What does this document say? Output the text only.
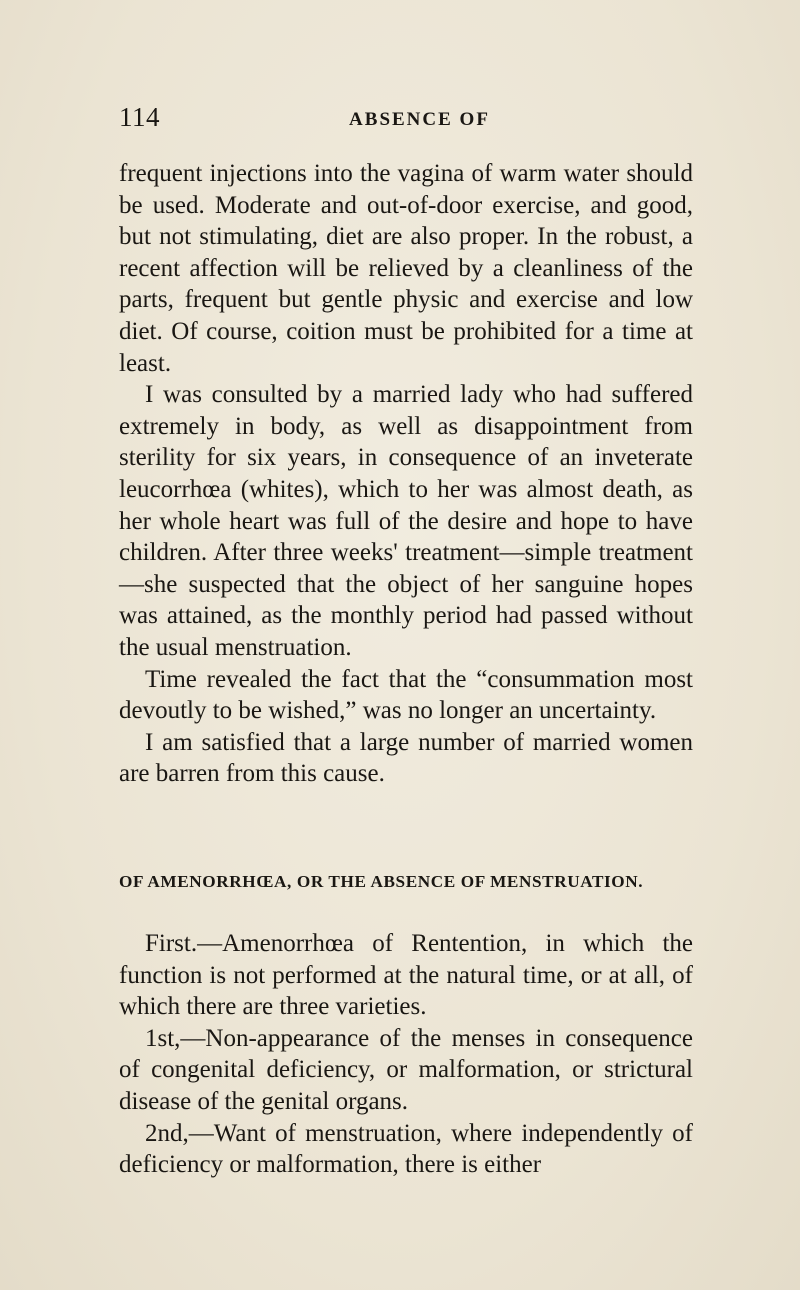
114	ABSENCE OF

frequent injections into the vagina of warm water should be used. Moderate and out-of-door exercise, and good, but not stimulating, diet are also proper. In the robust, a recent affection will be relieved by a cleanliness of the parts, frequent but gentle physic and exercise and low diet. Of course, coition must be prohibited for a time at least.

I was consulted by a married lady who had suffered extremely in body, as well as disappointment from sterility for six years, in consequence of an inveterate leucorrhœa (whites), which to her was almost death, as her whole heart was full of the desire and hope to have children. After three weeks' treatment—simple treatment—she suspected that the object of her sanguine hopes was attained, as the monthly period had passed without the usual menstruation.

Time revealed the fact that the “consummation most devoutly to be wished,” was no longer an uncertainty.

I am satisfied that a large number of married women are barren from this cause.

OF AMENORRHŒA, OR THE ABSENCE OF MENSTRUATION.

First.—Amenorrhœa of Rentention, in which the function is not performed at the natural time, or at all, of which there are three varieties.

1st,—Non-appearance of the menses in consequence of congenital deficiency, or malformation, or strictural disease of the genital organs.

2nd,—Want of menstruation, where independently of deficiency or malformation, there is either
